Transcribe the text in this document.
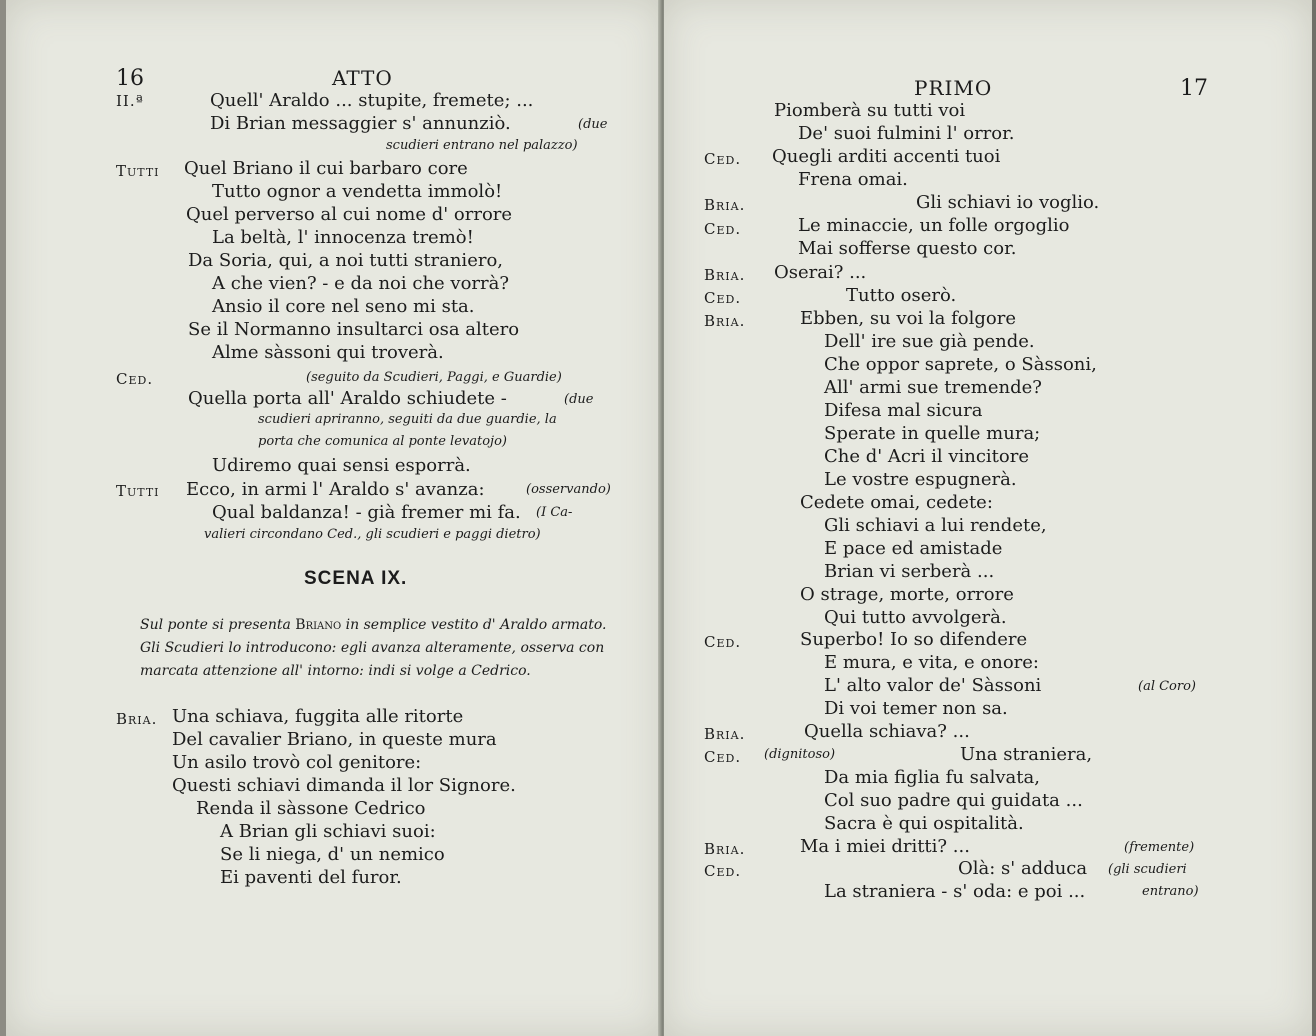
16	ATTO
II.ª	Quell' Araldo ... stupite, fremete; ...
Di Brian messaggier s' annunziò.	(due
scudieri entrano nel palazzo)
Tutti Quel Briano il cui barbaro core
Tutto ognor a vendetta immolò!
Quel perverso al cui nome d' orrore
La beltà, l' innocenza tremò!
Da Soria, qui, a noi tutti straniero,
A che vien? - e da noi che vorrà?
Ansio il core nel seno mi sta.
Se il Normanno insultarci osa altero
Alme sàssoni qui troverà.
Ced.	(seguito da Scudieri, Paggi, e Guardie)
Quella porta all' Araldo schiudete -	(due
scudieri apriranno, seguiti da due guardie, la
porta che comunica al ponte levatojo)
Udiremo quai sensi esporrà.
Tutti Ecco, in armi l' Araldo s' avanza:	(osservando)
Qual baldanza! - già fremer mi fa. (I Ca-
valieri circondano Ced., gli scudieri e paggi dietro)
SCENA IX.
Sul ponte si presenta Briano in semplice vestito d' Araldo armato. Gli Scudieri lo introducono: egli avanza alteramente, osserva con marcata attenzione all' intorno: indi si volge a Cedrico.
Bria. Una schiava, fuggita alle ritorte
Del cavalier Briano, in queste mura
Un asilo trovò col genitore:
Questi schiavi dimanda il lor Signore.
Renda il sàssone Cedrico
A Brian gli schiavi suoi:
Se li niega, d' un nemico
Ei paventi del furor.
PRIMO	17
Piomberà su tutti voi
De' suoi fulmini l' orror.
Ced. Quegli arditi accenti tuoi
Frena omai.
Bria.	Gli schiavi io voglio.
Ced.	Le minaccie, un folle orgoglio
Mai sofferse questo cor.
Bria. Oserai? ...
Ced.	Tutto oserò.
Bria.	Ebben, su voi la folgore
Dell' ire sue già pende.
Che oppor saprete, o Sàssoni,
All' armi sue tremende?
Difesa mal sicura
Sperate in quelle mura;
Che d' Acri il vincitore
Le vostre espugnerà.
Cedete omai, cedete:
Gli schiavi a lui rendete,
E pace ed amistade
Brian vi serberà ...
O strage, morte, orrore
Qui tutto avvolgerà.
Ced.	Superbo! Io so difendere
E mura, e vita, e onore:
L' alto valor de' Sàssoni	(al Coro)
Di voi temer non sa.
Bria.	Quella schiava? ...
Ced. (dignitoso)	Una straniera,
Da mia figlia fu salvata,
Col suo padre qui guidata ...
Sacra è qui ospitalità.
Bria.	Ma i miei dritti? ...	(fremente)
Ced.	Olà: s' adduca (gli scudieri
La straniera - s' oda: e poi ...	entrano)
